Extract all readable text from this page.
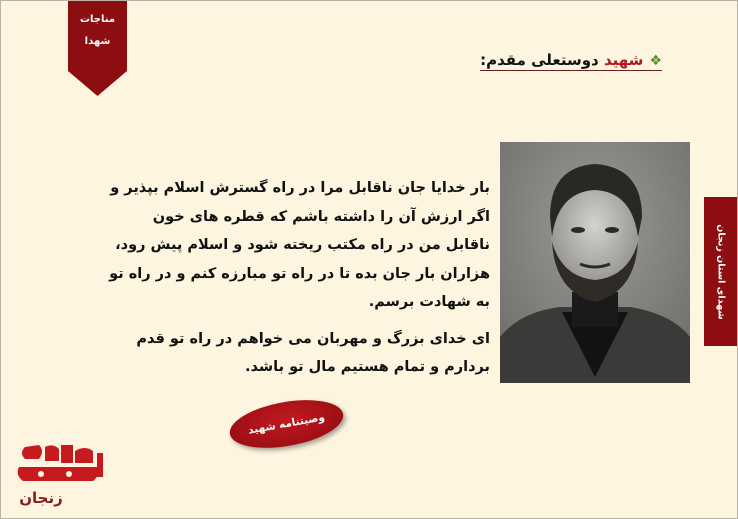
مناجات
شهدا
❖شهید دوستعلی مقدم:

بار خدایا جان ناقابل مرا در راه گسترش اسلام بپذیر و اگر ارزش آن را داشته باشم که قطره های خون ناقابل من در راه مکتب ریخته شود و اسلام پیش رود، هزاران بار جان بده تا در راه تو مبارزه کنم و در راه تو به شهادت برسم.

ای خدای بزرگ و مهربان می خواهم در راه تو قدم بردارم و تمام هستیم مال تو باشد.

شهدای استان زنجان
وصیتنامه شهید
زنجان
